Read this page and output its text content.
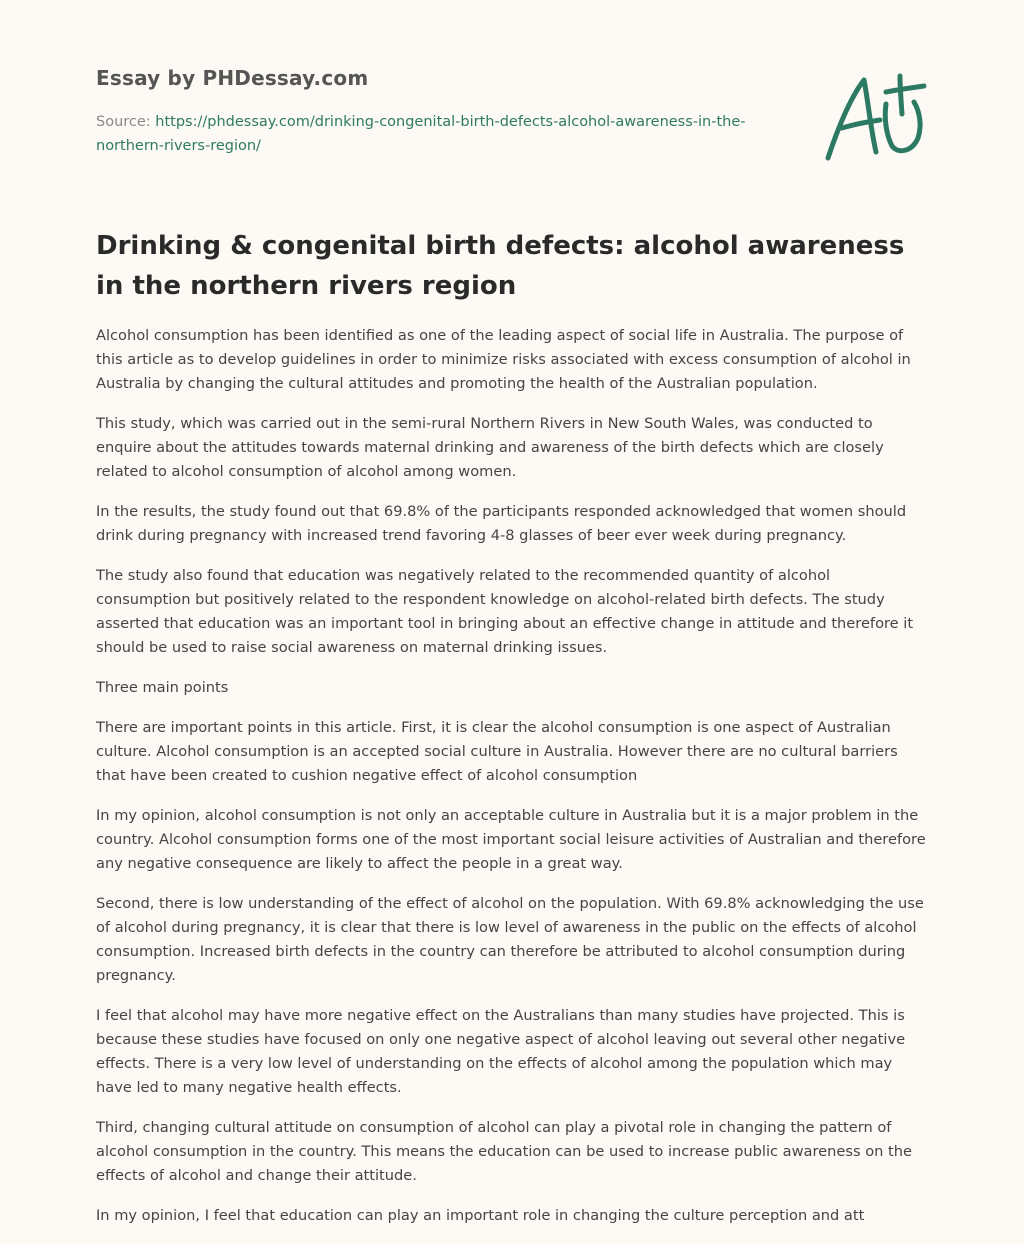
Essay by PHDessay.com

Source: https://phdessay.com/drinking-congenital-birth-defects-alcohol-awareness-in-the-northern-rivers-region/

Drinking & congenital birth defects: alcohol awareness in the northern rivers region

Alcohol consumption has been identified as one of the leading aspect of social life in Australia. The purpose of this article as to develop guidelines in order to minimize risks associated with excess consumption of alcohol in Australia by changing the cultural attitudes and promoting the health of the Australian population.

This study, which was carried out in the semi-rural Northern Rivers in New South Wales, was conducted to enquire about the attitudes towards maternal drinking and awareness of the birth defects which are closely related to alcohol consumption of alcohol among women.

In the results, the study found out that 69.8% of the participants responded acknowledged that women should drink during pregnancy with increased trend favoring 4-8 glasses of beer ever week during pregnancy.

The study also found that education was negatively related to the recommended quantity of alcohol consumption but positively related to the respondent knowledge on alcohol-related birth defects. The study asserted that education was an important tool in bringing about an effective change in attitude and therefore it should be used to raise social awareness on maternal drinking issues.

Three main points

There are important points in this article. First, it is clear the alcohol consumption is one aspect of Australian culture. Alcohol consumption is an accepted social culture in Australia. However there are no cultural barriers that have been created to cushion negative effect of alcohol consumption

In my opinion, alcohol consumption is not only an acceptable culture in Australia but it is a major problem in the country. Alcohol consumption forms one of the most important social leisure activities of Australian and therefore any negative consequence are likely to affect the people in a great way.

Second, there is low understanding of the effect of alcohol on the population. With 69.8% acknowledging the use of alcohol during pregnancy, it is clear that there is low level of awareness in the public on the effects of alcohol consumption. Increased birth defects in the country can therefore be attributed to alcohol consumption during pregnancy.

I feel that alcohol may have more negative effect on the Australians than many studies have projected. This is because these studies have focused on only one negative aspect of alcohol leaving out several other negative effects. There is a very low level of understanding on the effects of alcohol among the population which may have led to many negative health effects.

Third, changing cultural attitude on consumption of alcohol can play a pivotal role in changing the pattern of alcohol consumption in the country. This means the education can be used to increase public awareness on the effects of alcohol and change their attitude.

In my opinion, I feel that education can play an important role in changing the culture perception and att
